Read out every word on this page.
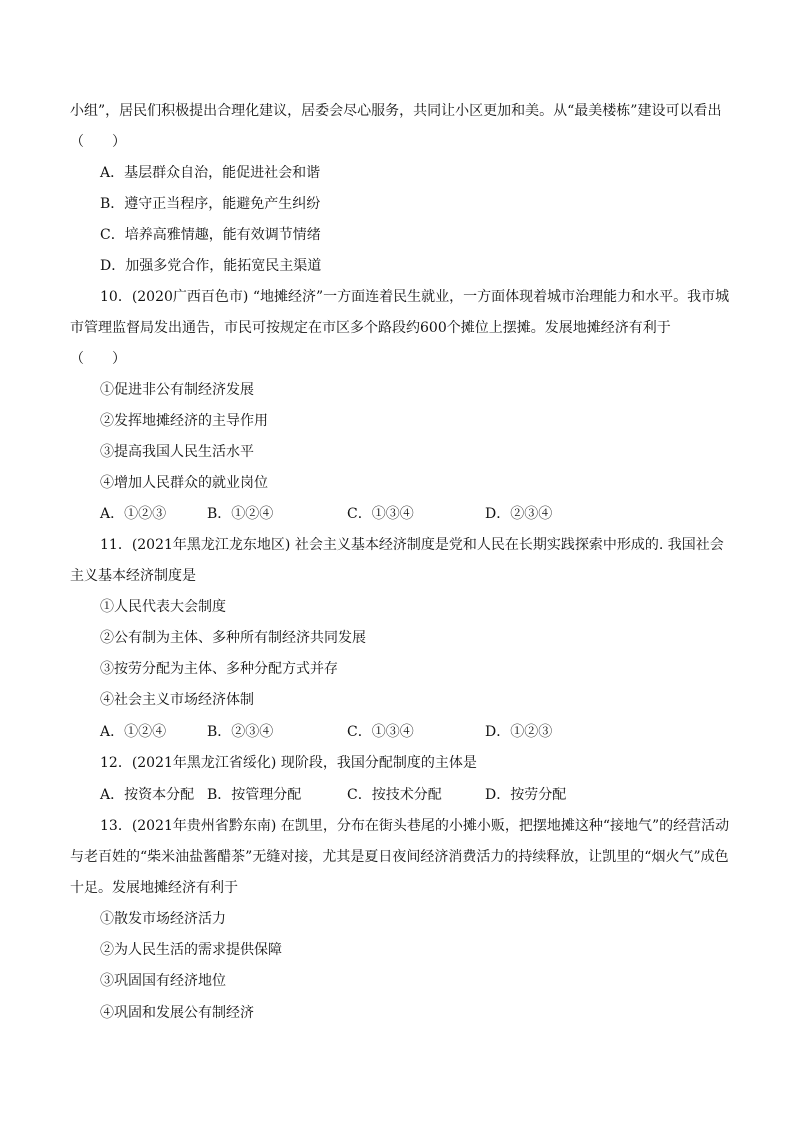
小组”，居民们积极提出合理化建议，居委会尽心服务，共同让小区更加和美。从“最美楼栋”建设可以看出
（　　）
A．基层群众自治，能促进社会和谐
B．遵守正当程序，能避免产生纠纷
C．培养高雅情趣，能有效调节情绪
D．加强多党合作，能拓宽民主渠道
10．(2020广西百色市) “地摊经济”一方面连着民生就业，一方面体现着城市治理能力和水平。我市城
市管理监督局发出通告，市民可按规定在市区多个路段约600个摊位上摆摊。发展地摊经济有利于
（　　）
①促进非公有制经济发展
②发挥地摊经济的主导作用
③提高我国人民生活水平
④增加人民群众的就业岗位
A．①②③	B．①②④	C．①③④	D．②③④
11．(2021年黑龙江龙东地区) 社会主义基本经济制度是党和人民在长期实践探索中形成的. 我国社会
主义基本经济制度是
①人民代表大会制度
②公有制为主体、多种所有制经济共同发展
③按劳分配为主体、多种分配方式并存
④社会主义市场经济体制
A．①②④	B．②③④	C．①③④	D．①②③
12．(2021年黑龙江省绥化) 现阶段，我国分配制度的主体是
A．按资本分配 B．按管理分配	C．按技术分配	D．按劳分配
13．(2021年贵州省黔东南) 在凯里，分布在街头巷尾的小摊小贩，把摆地摊这种“接地气”的经营活动
与老百姓的“柴米油盐酱醋茶”无缝对接，尤其是夏日夜间经济消费活力的持续释放，让凯里的“烟火气”成色
十足。发展地摊经济有利于
①散发市场经济活力
②为人民生活的需求提供保障
③巩固国有经济地位
④巩固和发展公有制经济
